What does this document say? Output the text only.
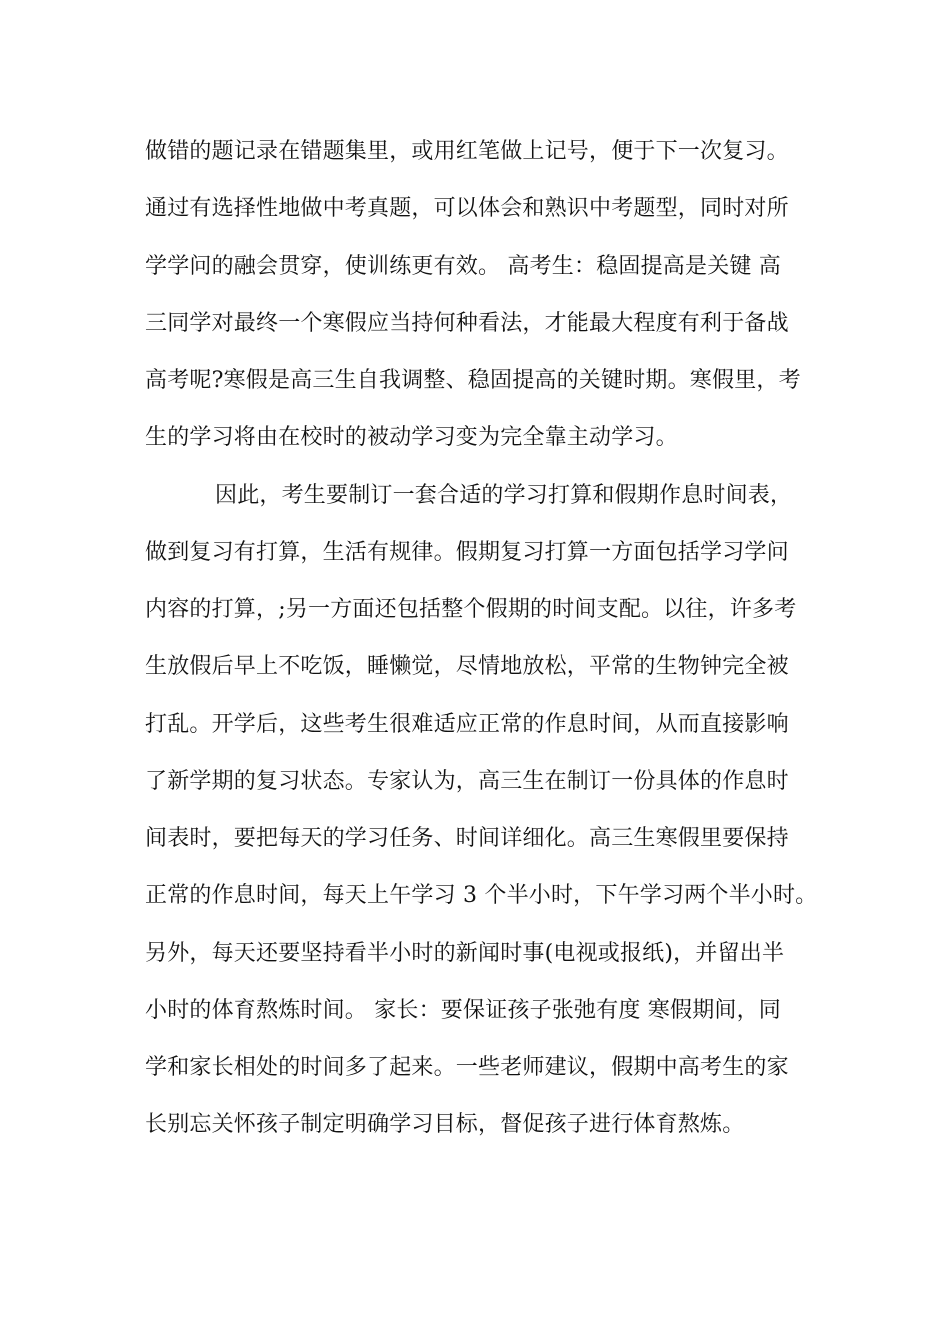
做错的题记录在错题集里，或用红笔做上记号，便于下一次复习。
通过有选择性地做中考真题，可以体会和熟识中考题型，同时对所
学学问的融会贯穿，使训练更有效。 高考生：稳固提高是关键 高
三同学对最终一个寒假应当持何种看法，才能最大程度有利于备战
高考呢?寒假是高三生自我调整、稳固提高的关键时期。寒假里，考
生的学习将由在校时的被动学习变为完全靠主动学习。
因此，考生要制订一套合适的学习打算和假期作息时间表，
做到复习有打算，生活有规律。假期复习打算一方面包括学习学问
内容的打算，;另一方面还包括整个假期的时间支配。以往，许多考
生放假后早上不吃饭，睡懒觉，尽情地放松，平常的生物钟完全被
打乱。开学后，这些考生很难适应正常的作息时间，从而直接影响
了新学期的复习状态。专家认为，高三生在制订一份具体的作息时
间表时，要把每天的学习任务、时间详细化。高三生寒假里要保持
正常的作息时间，每天上午学习 3 个半小时，下午学习两个半小时。
另外，每天还要坚持看半小时的新闻时事(电视或报纸)，并留出半
小时的体育熬炼时间。 家长：要保证孩子张弛有度 寒假期间，同
学和家长相处的时间多了起来。一些老师建议，假期中高考生的家
长别忘关怀孩子制定明确学习目标，督促孩子进行体育熬炼。
